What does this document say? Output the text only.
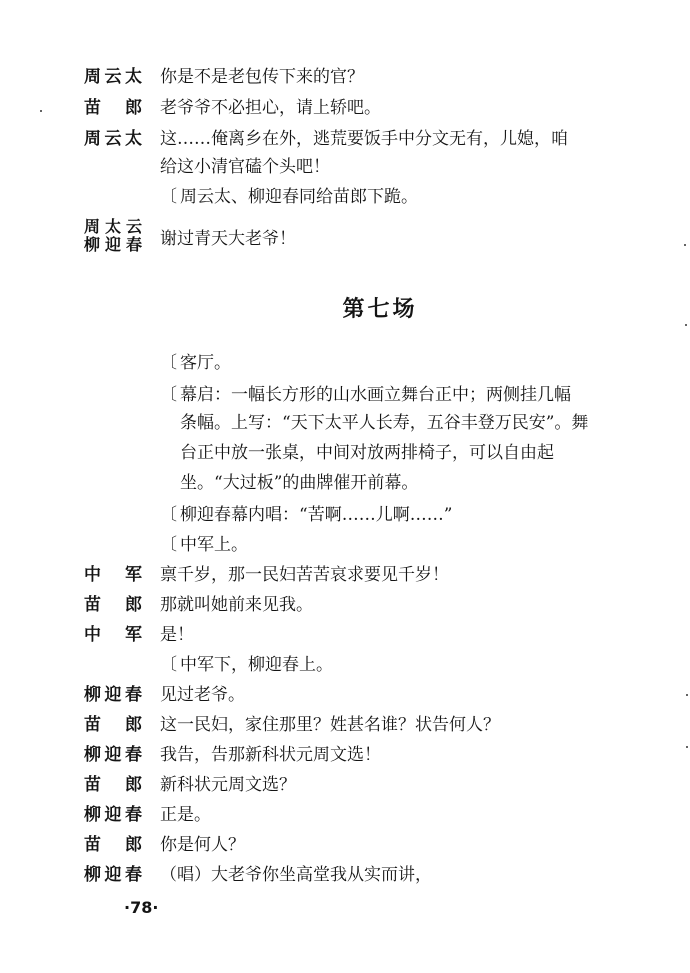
周云太 你是不是老包传下来的官？
苗　郎 老爷爷不必担心，请上轿吧。
周云太 这……俺离乡在外，逃荒要饭手中分文无有，儿媳，咱
给这小清官磕个头吧！
〔 周云太、柳迎春同给苗郎下跪。
周太云
柳迎春 谢过青天大老爷！
第七场
〔 客厅。
〔 幕启：一幅长方形的山水画立舞台正中；两侧挂几幅
条幅。上写：“天下太平人长寿，五谷丰登万民安”。舞
台正中放一张桌，中间对放两排椅子，可以自由起
坐。“大过板”的曲牌催开前幕。
〔 柳迎春幕内唱：“苦啊……儿啊……”
〔 中军上。
中　军 禀千岁，那一民妇苦苦哀求要见千岁！
苗　郎 那就叫她前来见我。
中　军 是！
〔 中军下，柳迎春上。
柳迎春 见过老爷。
苗　郎 这一民妇，家住那里？姓甚名谁？状告何人？
柳迎春 我告，告那新科状元周文选！
苗　郎 新科状元周文选？
柳迎春 正是。
苗　郎 你是何人？
柳迎春 （唱）大老爷你坐高堂我从实而讲，
·78·
